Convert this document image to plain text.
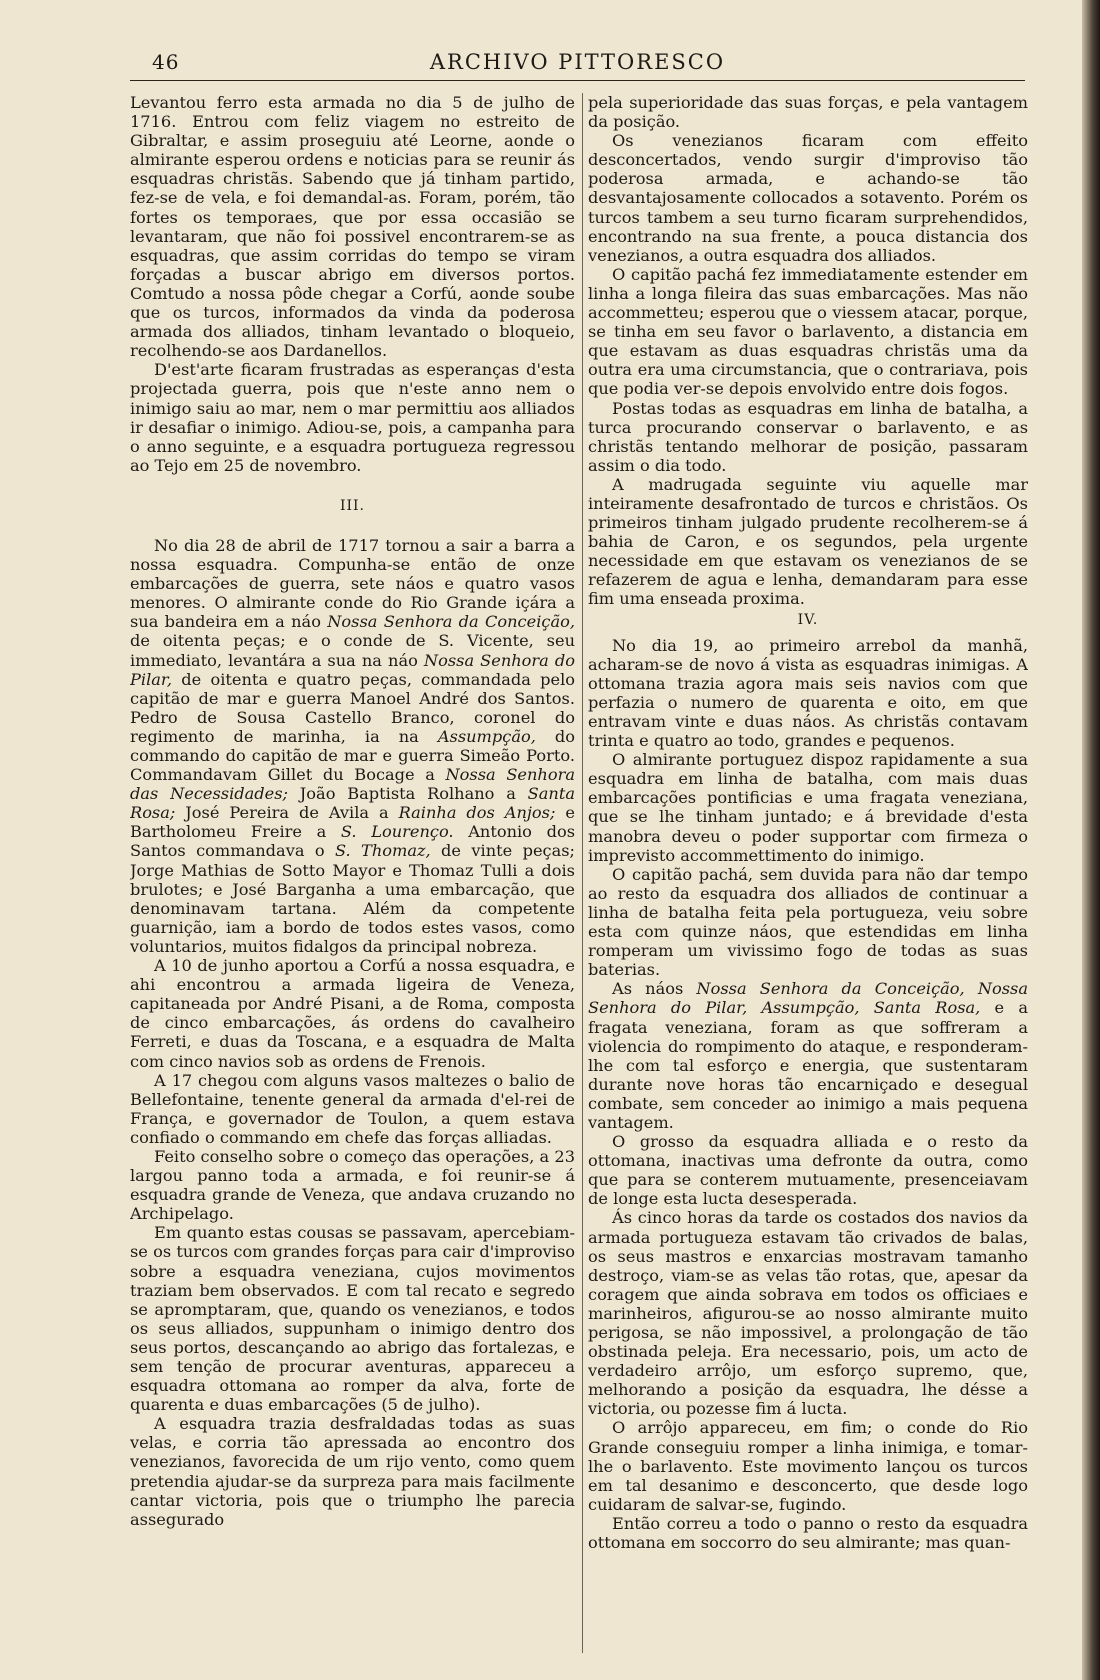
46	ARCHIVO PITTORESCO

Levantou ferro esta armada no dia 5 de julho de 1716. Entrou com feliz viagem no estreito de Gibraltar, e assim proseguiu até Leorne, aonde o almirante esperou ordens e noticias para se reunir ás esquadras christãs. Sabendo que já tinham partido, fez-se de vela, e foi demandal-as. Foram, porém, tão fortes os temporaes, que por essa occasião se levantaram, que não foi possivel encontrarem-se as esquadras, que assim corridas do tempo se viram forçadas a buscar abrigo em diversos portos. Comtudo a nossa pôde chegar a Corfú, aonde soube que os turcos, informados da vinda da poderosa armada dos alliados, tinham levantado o bloqueio, recolhendo-se aos Dardanellos.

D'est'arte ficaram frustradas as esperanças d'esta projectada guerra, pois que n'este anno nem o inimigo saiu ao mar, nem o mar permittiu aos alliados ir desafiar o inimigo. Adiou-se, pois, a campanha para o anno seguinte, e a esquadra portugueza regressou ao Tejo em 25 de novembro.

III.

No dia 28 de abril de 1717 tornou a sair a barra a nossa esquadra. Compunha-se então de onze embarcações de guerra, sete náos e quatro vasos menores. O almirante conde do Rio Grande içára a sua bandeira em a náo Nossa Senhora da Conceição, de oitenta peças; e o conde de S. Vicente, seu immediato, levantára a sua na náo Nossa Senhora do Pilar, de oitenta e quatro peças, commandada pelo capitão de mar e guerra Manoel André dos Santos. Pedro de Sousa Castello Branco, coronel do regimento de marinha, ia na Assumpção, do commando do capitão de mar e guerra Simeão Porto. Commandavam Gillet du Bocage a Nossa Senhora das Necessidades; João Baptista Rolhano a Santa Rosa; José Pereira de Avila a Rainha dos Anjos; e Bartholomeu Freire a S. Lourenço. Antonio dos Santos commandava o S. Thomaz, de vinte peças; Jorge Mathias de Sotto Mayor e Thomaz Tulli a dois brulotes; e José Barganha a uma embarcação, que denominavam tartana. Além da competente guarnição, iam a bordo de todos estes vasos, como voluntarios, muitos fidalgos da principal nobreza.

A 10 de junho aportou a Corfú a nossa esquadra, e ahi encontrou a armada ligeira de Veneza, capitaneada por André Pisani, a de Roma, composta de cinco embarcações, ás ordens do cavalheiro Ferreti, e duas da Toscana, e a esquadra de Malta com cinco navios sob as ordens de Frenois.

A 17 chegou com alguns vasos maltezes o balio de Bellefontaine, tenente general da armada d'el-rei de França, e governador de Toulon, a quem estava confiado o commando em chefe das forças alliadas.

Feito conselho sobre o começo das operações, a 23 largou panno toda a armada, e foi reunir-se á esquadra grande de Veneza, que andava cruzando no Archipelago.

Em quanto estas cousas se passavam, apercebiam-se os turcos com grandes forças para cair d'improviso sobre a esquadra veneziana, cujos movimentos traziam bem observados. E com tal recato e segredo se apromptaram, que, quando os venezianos, e todos os seus alliados, suppunham o inimigo dentro dos seus portos, descançando ao abrigo das fortalezas, e sem tenção de procurar aventuras, appareceu a esquadra ottomana ao romper da alva, forte de quarenta e duas embarcações (5 de julho).

A esquadra trazia desfraldadas todas as suas velas, e corria tão apressada ao encontro dos venezianos, favorecida de um rijo vento, como quem pretendia ajudar-se da surpreza para mais facilmente cantar victoria, pois que o triumpho lhe parecia assegurado

pela superioridade das suas forças, e pela vantagem da posição.

Os venezianos ficaram com effeito desconcertados, vendo surgir d'improviso tão poderosa armada, e achando-se tão desvantajosamente collocados a sotavento. Porém os turcos tambem a seu turno ficaram surprehendidos, encontrando na sua frente, a pouca distancia dos venezianos, a outra esquadra dos alliados.

O capitão pachá fez immediatamente estender em linha a longa fileira das suas embarcações. Mas não accommetteu; esperou que o viessem atacar, porque, se tinha em seu favor o barlavento, a distancia em que estavam as duas esquadras christãs uma da outra era uma circumstancia, que o contrariava, pois que podia ver-se depois envolvido entre dois fogos.

Postas todas as esquadras em linha de batalha, a turca procurando conservar o barlavento, e as christãs tentando melhorar de posição, passaram assim o dia todo.

A madrugada seguinte viu aquelle mar inteiramente desafrontado de turcos e christãos. Os primeiros tinham julgado prudente recolherem-se á bahia de Caron, e os segundos, pela urgente necessidade em que estavam os venezianos de se refazerem de agua e lenha, demandaram para esse fim uma enseada proxima.

IV.

No dia 19, ao primeiro arrebol da manhã, acharam-se de novo á vista as esquadras inimigas. A ottomana trazia agora mais seis navios com que perfazia o numero de quarenta e oito, em que entravam vinte e duas náos. As christãs contavam trinta e quatro ao todo, grandes e pequenos.

O almirante portuguez dispoz rapidamente a sua esquadra em linha de batalha, com mais duas embarcações pontificias e uma fragata veneziana, que se lhe tinham juntado; e á brevidade d'esta manobra deveu o poder supportar com firmeza o imprevisto accommettimento do inimigo.

O capitão pachá, sem duvida para não dar tempo ao resto da esquadra dos alliados de continuar a linha de batalha feita pela portugueza, veiu sobre esta com quinze náos, que estendidas em linha romperam um vivissimo fogo de todas as suas baterias.

As náos Nossa Senhora da Conceição, Nossa Senhora do Pilar, Assumpção, Santa Rosa, e a fragata veneziana, foram as que soffreram a violencia do rompimento do ataque, e responderam-lhe com tal esforço e energia, que sustentaram durante nove horas tão encarniçado e desegual combate, sem conceder ao inimigo a mais pequena vantagem.

O grosso da esquadra alliada e o resto da ottomana, inactivas uma defronte da outra, como que para se conterem mutuamente, presenceiavam de longe esta lucta desesperada.

Ás cinco horas da tarde os costados dos navios da armada portugueza estavam tão crivados de balas, os seus mastros e enxarcias mostravam tamanho destroço, viam-se as velas tão rotas, que, apesar da coragem que ainda sobrava em todos os officiaes e marinheiros, afigurou-se ao nosso almirante muito perigosa, se não impossivel, a prolongação de tão obstinada peleja. Era necessario, pois, um acto de verdadeiro arrôjo, um esforço supremo, que, melhorando a posição da esquadra, lhe désse a victoria, ou pozesse fim á lucta.

O arrôjo appareceu, em fim; o conde do Rio Grande conseguiu romper a linha inimiga, e tomar-lhe o barlavento. Este movimento lançou os turcos em tal desanimo e desconcerto, que desde logo cuidaram de salvar-se, fugindo.

Então correu a todo o panno o resto da esquadra ottomana em soccorro do seu almirante; mas quan-
